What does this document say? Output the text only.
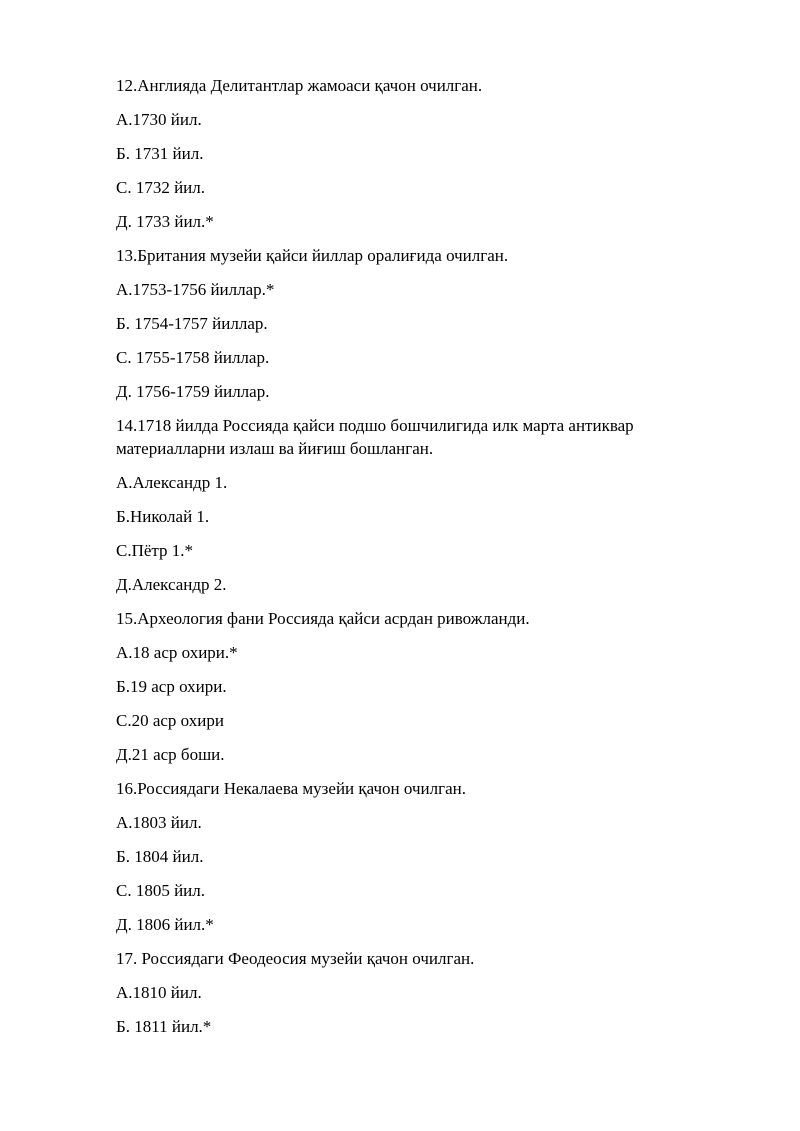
12.Англияда Делитантлар жамоаси қачон очилган.

A.1730 йил.

Б. 1731 йил.

C. 1732 йил.

Д. 1733 йил.*

13.Британия музейи қайси йиллар оралиғида очилган.

A.1753-1756 йиллар.*

Б. 1754-1757 йиллар.

C. 1755-1758 йиллар.

Д. 1756-1759 йиллар.

14.1718 йилда Россияда қайси подшо бошчилигида илк марта антиквар материалларни излаш ва йиғиш бошланган.

A.Александр 1.

Б.Николай 1.

C.Пётр 1.*

Д.Александр 2.

15.Археология фани Россияда қайси асрдан ривожланди.

A.18 аср охири.*

Б.19 аср охири.

C.20 аср охири

Д.21 аср боши.

16.Россиядаги Некалаева музейи қачон очилган.

A.1803 йил.

Б. 1804 йил.

C. 1805 йил.

Д. 1806 йил.*

17. Россиядаги Феодеосия музейи қачон очилган.

A.1810 йил.

Б. 1811 йил.*
